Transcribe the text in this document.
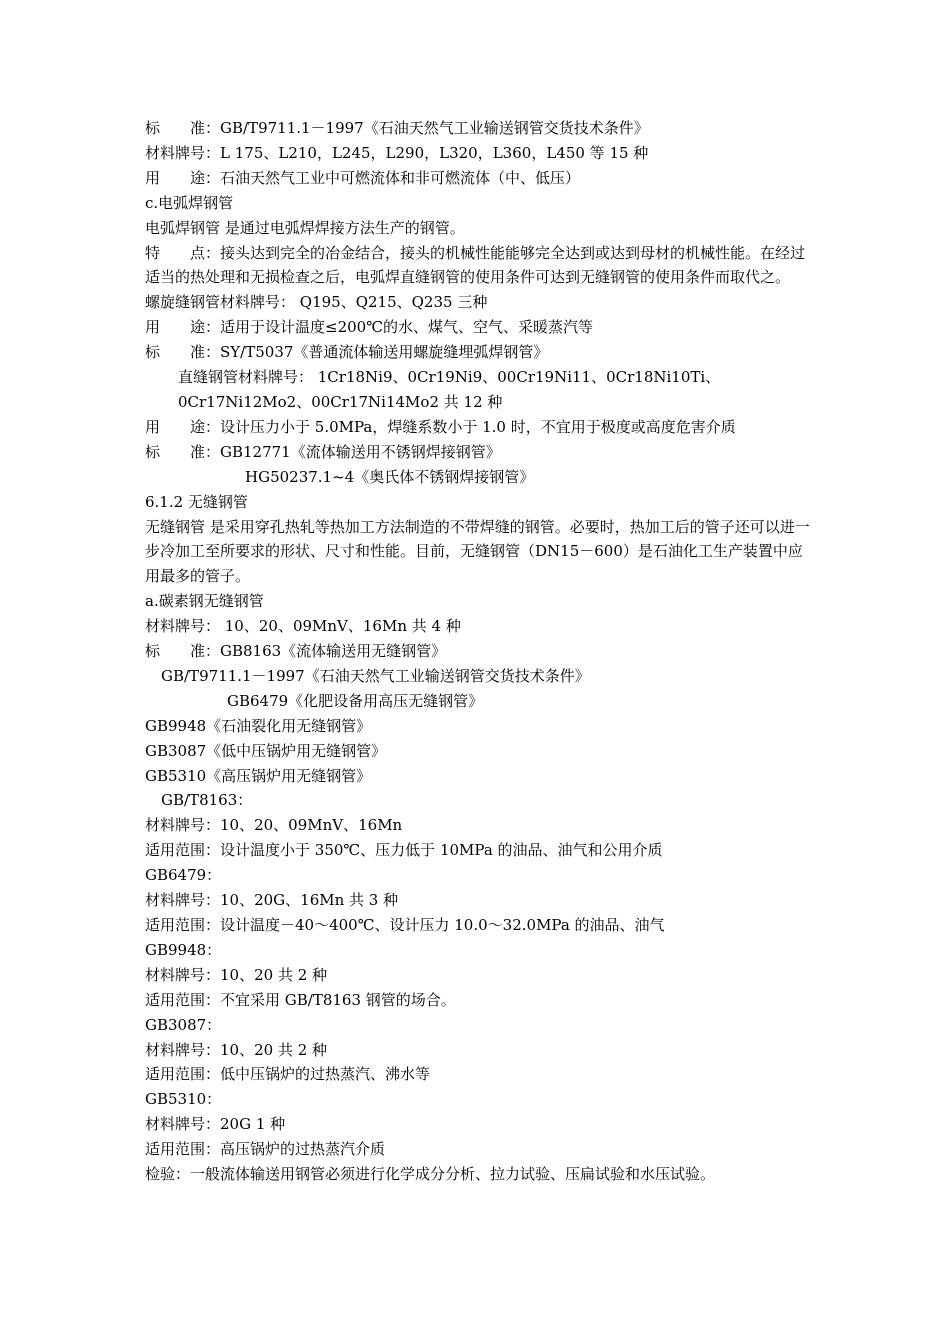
标　　准：GB/T9711.1－1997《石油天然气工业输送钢管交货技术条件》
材料牌号：L 175、L210，L245，L290，L320，L360，L450 等 15 种
用　　途：石油天然气工业中可燃流体和非可燃流体（中、低压）
c.电弧焊钢管
电弧焊钢管 是通过电弧焊焊接方法生产的钢管。
特　　点：接头达到完全的冶金结合，接头的机械性能能够完全达到或达到母材的机械性能。在经过适当的热处理和无损检查之后，电弧焊直缝钢管的使用条件可达到无缝钢管的使用条件而取代之。
螺旋缝钢管材料牌号： Q195、Q215、Q235 三种
用　　途：适用于设计温度≤200℃的水、煤气、空气、采暖蒸汽等
标　　准：SY/T5037《普通流体输送用螺旋缝埋弧焊钢管》
直缝钢管材料牌号： 1Cr18Ni9、0Cr19Ni9、00Cr19Ni11、0Cr18Ni10Ti、0Cr17Ni12Mo2、00Cr17Ni14Mo2 共 12 种
用　　途：设计压力小于 5.0MPa，焊缝系数小于 1.0 时，不宜用于极度或高度危害介质
标　　准：GB12771《流体输送用不锈钢焊接钢管》
HG50237.1~4《奥氏体不锈钢焊接钢管》
6.1.2 无缝钢管
无缝钢管 是采用穿孔热轧等热加工方法制造的不带焊缝的钢管。必要时，热加工后的管子还可以进一步冷加工至所要求的形状、尺寸和性能。目前，无缝钢管（DN15－600）是石油化工生产装置中应用最多的管子。
a.碳素钢无缝钢管
材料牌号： 10、20、09MnV、16Mn 共 4 种
标　　准：GB8163《流体输送用无缝钢管》
GB/T9711.1－1997《石油天然气工业输送钢管交货技术条件》
GB6479《化肥设备用高压无缝钢管》
GB9948《石油裂化用无缝钢管》
GB3087《低中压锅炉用无缝钢管》
GB5310《高压锅炉用无缝钢管》
GB/T8163：
材料牌号：10、20、09MnV、16Mn
适用范围：设计温度小于 350℃、压力低于 10MPa 的油品、油气和公用介质
GB6479：
材料牌号：10、20G、16Mn 共 3 种
适用范围：设计温度－40～400℃、设计压力 10.0～32.0MPa 的油品、油气
GB9948：
材料牌号：10、20 共 2 种
适用范围：不宜采用 GB/T8163 钢管的场合。
GB3087：
材料牌号：10、20 共 2 种
适用范围：低中压锅炉的过热蒸汽、沸水等
GB5310：
材料牌号：20G 1 种
适用范围：高压锅炉的过热蒸汽介质
检验：一般流体输送用钢管必须进行化学成分分析、拉力试验、压扁试验和水压试验。
